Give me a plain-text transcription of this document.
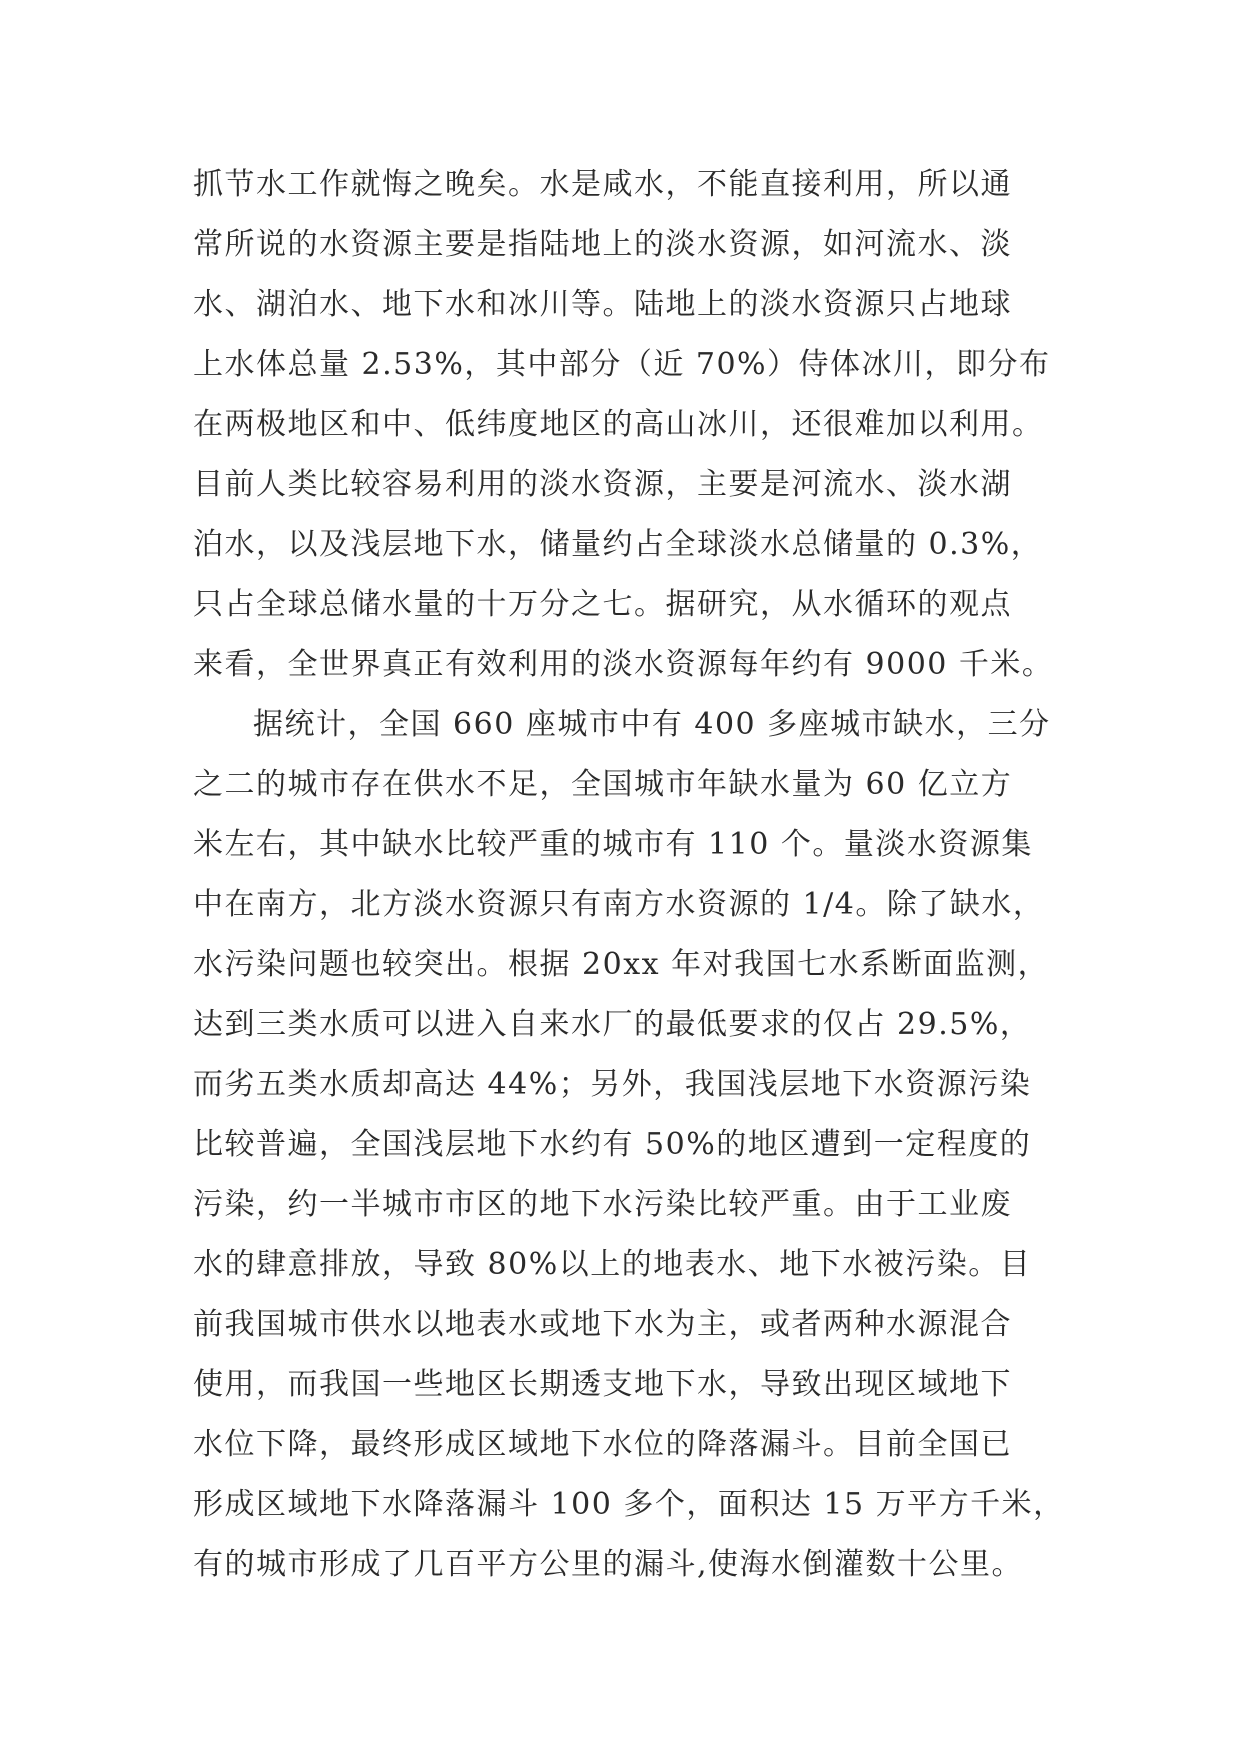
抓节水工作就悔之晚矣。水是咸水，不能直接利用，所以通
常所说的水资源主要是指陆地上的淡水资源，如河流水、淡
水、湖泊水、地下水和冰川等。陆地上的淡水资源只占地球
上水体总量 2.53%，其中部分（近 70%）侍体冰川，即分布
在两极地区和中、低纬度地区的高山冰川，还很难加以利用。
目前人类比较容易利用的淡水资源，主要是河流水、淡水湖
泊水，以及浅层地下水，储量约占全球淡水总储量的 0.3%，
只占全球总储水量的十万分之七。据研究，从水循环的观点
来看，全世界真正有效利用的淡水资源每年约有 9000 千米。
据统计，全国 660 座城市中有 400 多座城市缺水，三分
之二的城市存在供水不足，全国城市年缺水量为 60 亿立方
米左右，其中缺水比较严重的城市有 110 个。量淡水资源集
中在南方，北方淡水资源只有南方水资源的 1/4。除了缺水，
水污染问题也较突出。根据 20xx 年对我国七水系断面监测，
达到三类水质可以进入自来水厂的最低要求的仅占 29.5%，
而劣五类水质却高达 44%；另外，我国浅层地下水资源污染
比较普遍，全国浅层地下水约有 50%的地区遭到一定程度的
污染，约一半城市市区的地下水污染比较严重。由于工业废
水的肆意排放，导致 80%以上的地表水、地下水被污染。目
前我国城市供水以地表水或地下水为主，或者两种水源混合
使用，而我国一些地区长期透支地下水，导致出现区域地下
水位下降，最终形成区域地下水位的降落漏斗。目前全国已
形成区域地下水降落漏斗 100 多个，面积达 15 万平方千米，
有的城市形成了几百平方公里的漏斗,使海水倒灌数十公里。
